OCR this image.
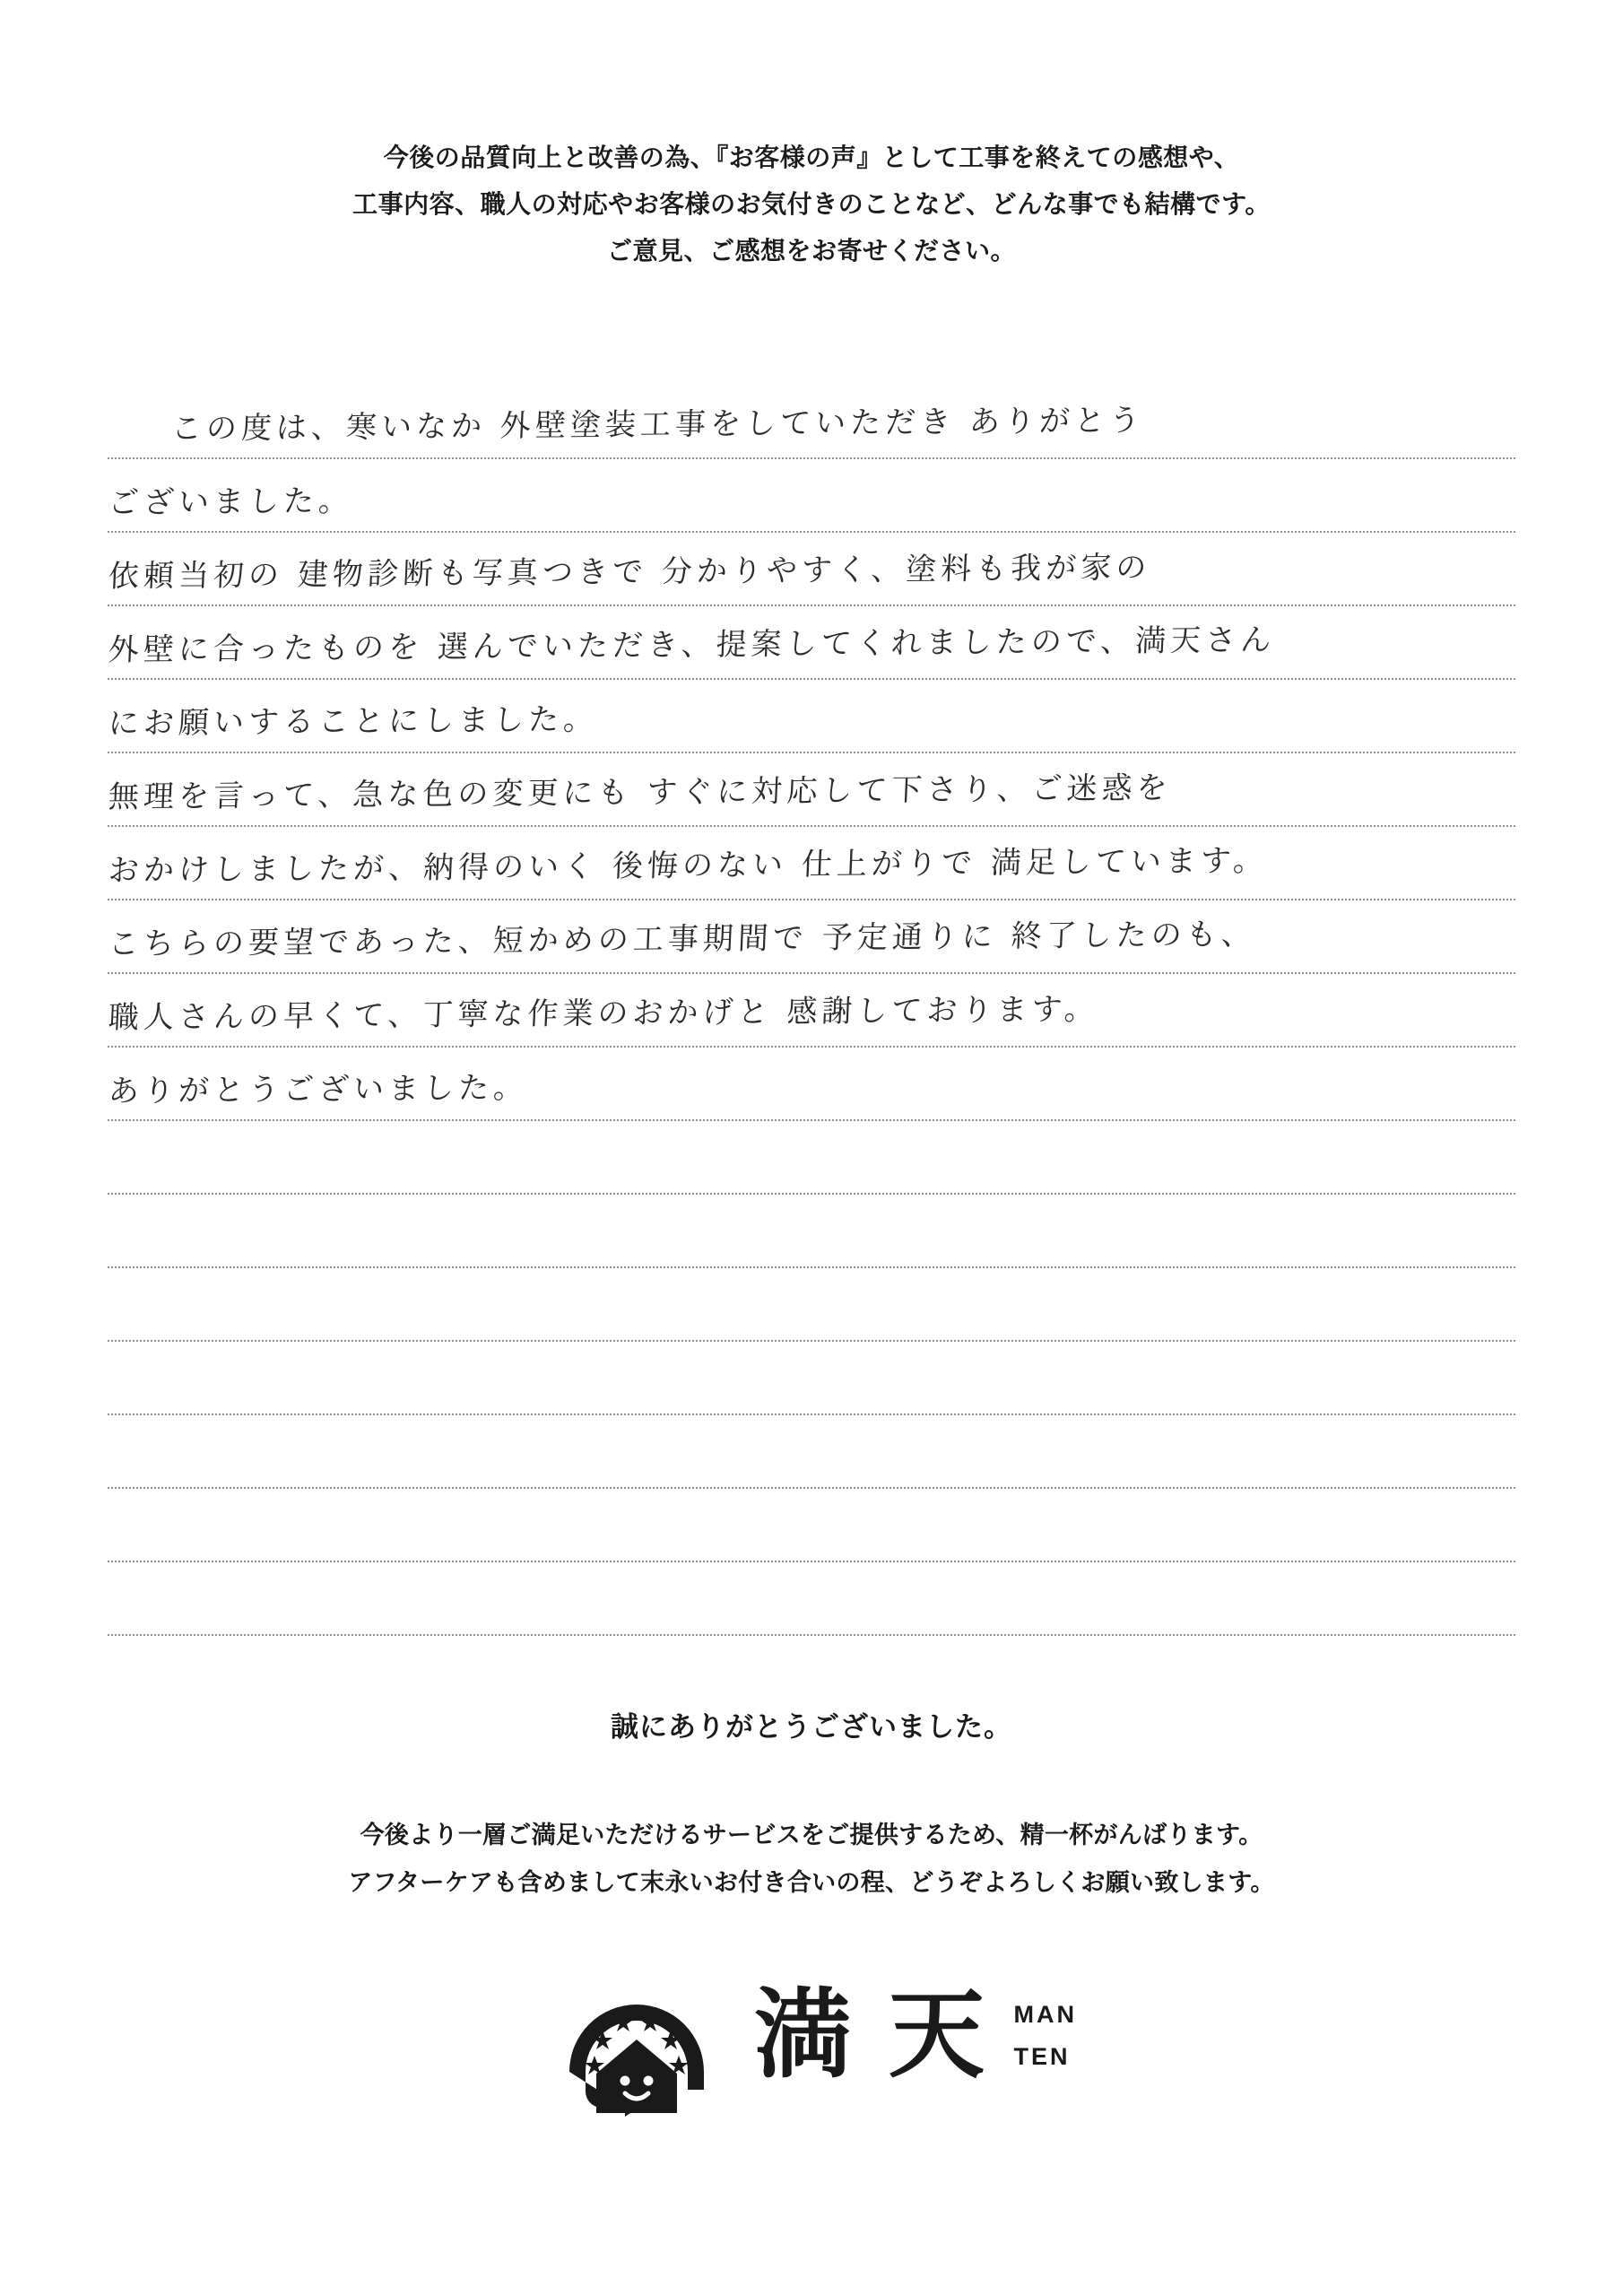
今後の品質向上と改善の為、『お客様の声』として工事を終えての感想や、
工事内容、職人の対応やお客様のお気付きのことなど、どんな事でも結構です。
ご意見、ご感想をお寄せください。
この度は、寒いなか 外壁塗装工事をしていただき ありがとう
ございました。
依頼当初の 建物診断も写真つきで 分かりやすく、塗料も我が家の
外壁に合ったものを 選んでいただき、提案してくれましたので、満天さん
にお願いすることにしました。
無理を言って、急な色の変更にも すぐに対応して下さり、ご迷惑を
おかけしましたが、納得のいく 後悔のない 仕上がりで 満足しています。
こちらの要望であった、短かめの工事期間で 予定通りに 終了したのも、
職人さんの早くて、丁寧な作業のおかげと 感謝しております。
ありがとうございました。
誠にありがとうございました。
今後より一層ご満足いただけるサービスをご提供するため、精一杯がんばります。
アフターケアも含めまして末永いお付き合いの程、どうぞよろしくお願い致します。
満 天 MAN
TEN
